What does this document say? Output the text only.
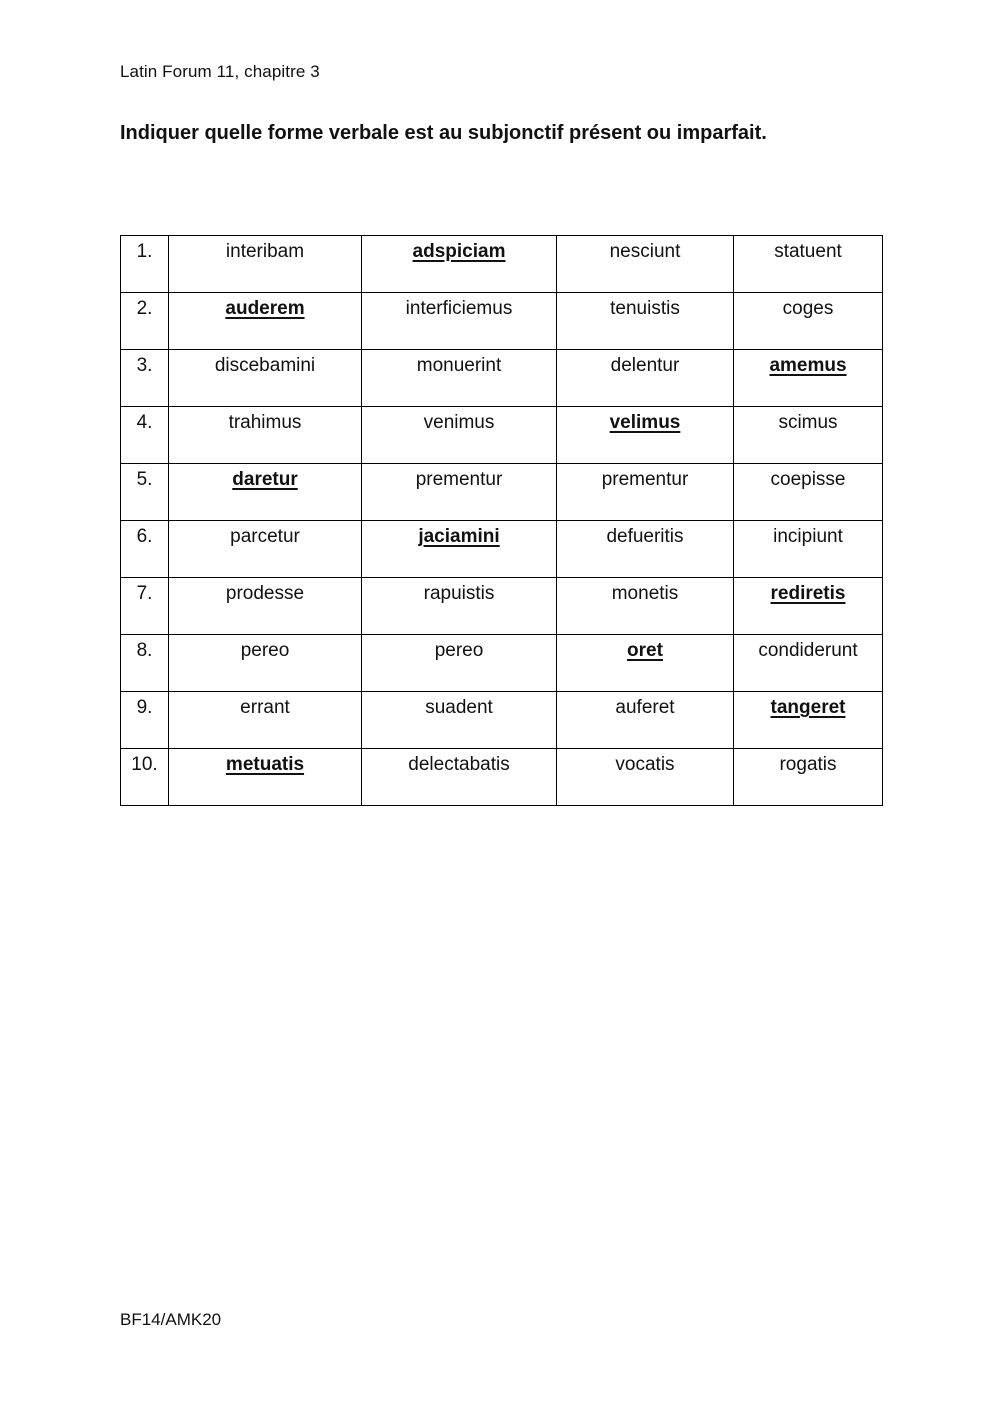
Latin Forum 11, chapitre 3
Indiquer quelle forme verbale est au subjonctif présent ou imparfait.
1.	interibam	adspiciam	nesciunt	statuent
2.	auderem	interficiemus	tenuistis	coges
3.	discebamini	monuerint	delentur	amemus
4.	trahimus	venimus	velimus	scimus
5.	daretur	prementur	prementur	coepisse
6.	parcetur	jaciamini	defueritis	incipiunt
7.	prodesse	rapuistis	monetis	rediretis
8.	pereo	pereo	oret	condiderunt
9.	errant	suadent	auferet	tangeret
10.	metuatis	delectabatis	vocatis	rogatis
BF14/AMK20
